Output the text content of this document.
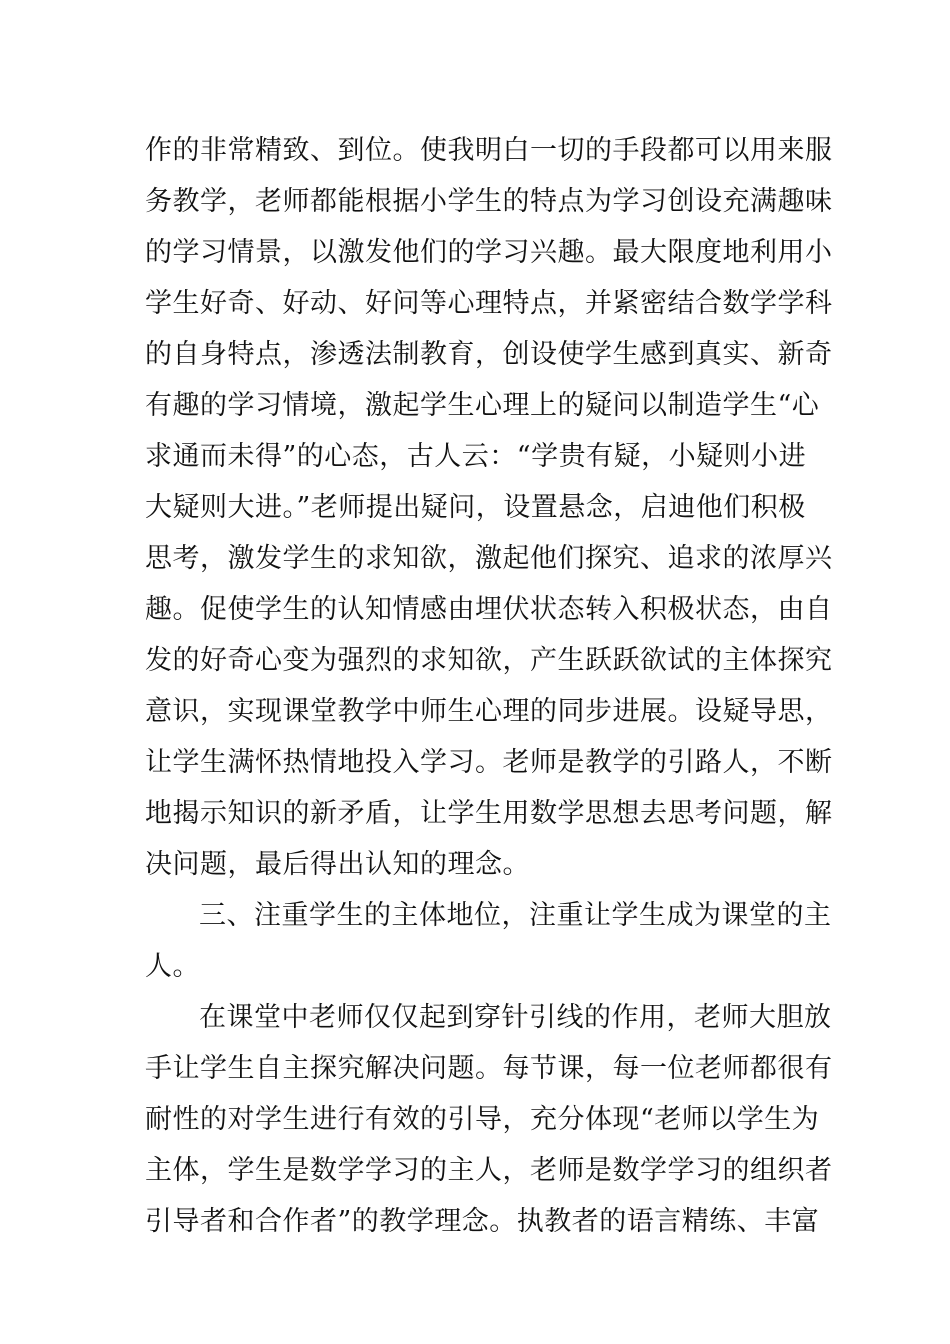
作的非常精致、到位。使我明白一切的手段都可以用来服
务教学，老师都能根据小学生的特点为学习创设充满趣味
的学习情景，以激发他们的学习兴趣。最大限度地利用小
学生好奇、好动、好问等心理特点，并紧密结合数学学科
的自身特点，渗透法制教育，创设使学生感到真实、新奇
有趣的学习情境，激起学生心理上的疑问以制造学生“心
求通而未得”的心态，古人云：“学贵有疑，小疑则小进
大疑则大进。”老师提出疑问，设置悬念，启迪他们积极
思考，激发学生的求知欲，激起他们探究、追求的浓厚兴
趣。促使学生的认知情感由埋伏状态转入积极状态，由自
发的好奇心变为强烈的求知欲，产生跃跃欲试的主体探究
意识，实现课堂教学中师生心理的同步进展。设疑导思，
让学生满怀热情地投入学习。老师是教学的引路人，不断
地揭示知识的新矛盾，让学生用数学思想去思考问题，解
决问题，最后得出认知的理念。
三、注重学生的主体地位，注重让学生成为课堂的主
人。
在课堂中老师仅仅起到穿针引线的作用，老师大胆放
手让学生自主探究解决问题。每节课，每一位老师都很有
耐性的对学生进行有效的引导，充分体现“老师以学生为
主体，学生是数学学习的主人，老师是数学学习的组织者
引导者和合作者”的教学理念。执教者的语言精练、丰富
